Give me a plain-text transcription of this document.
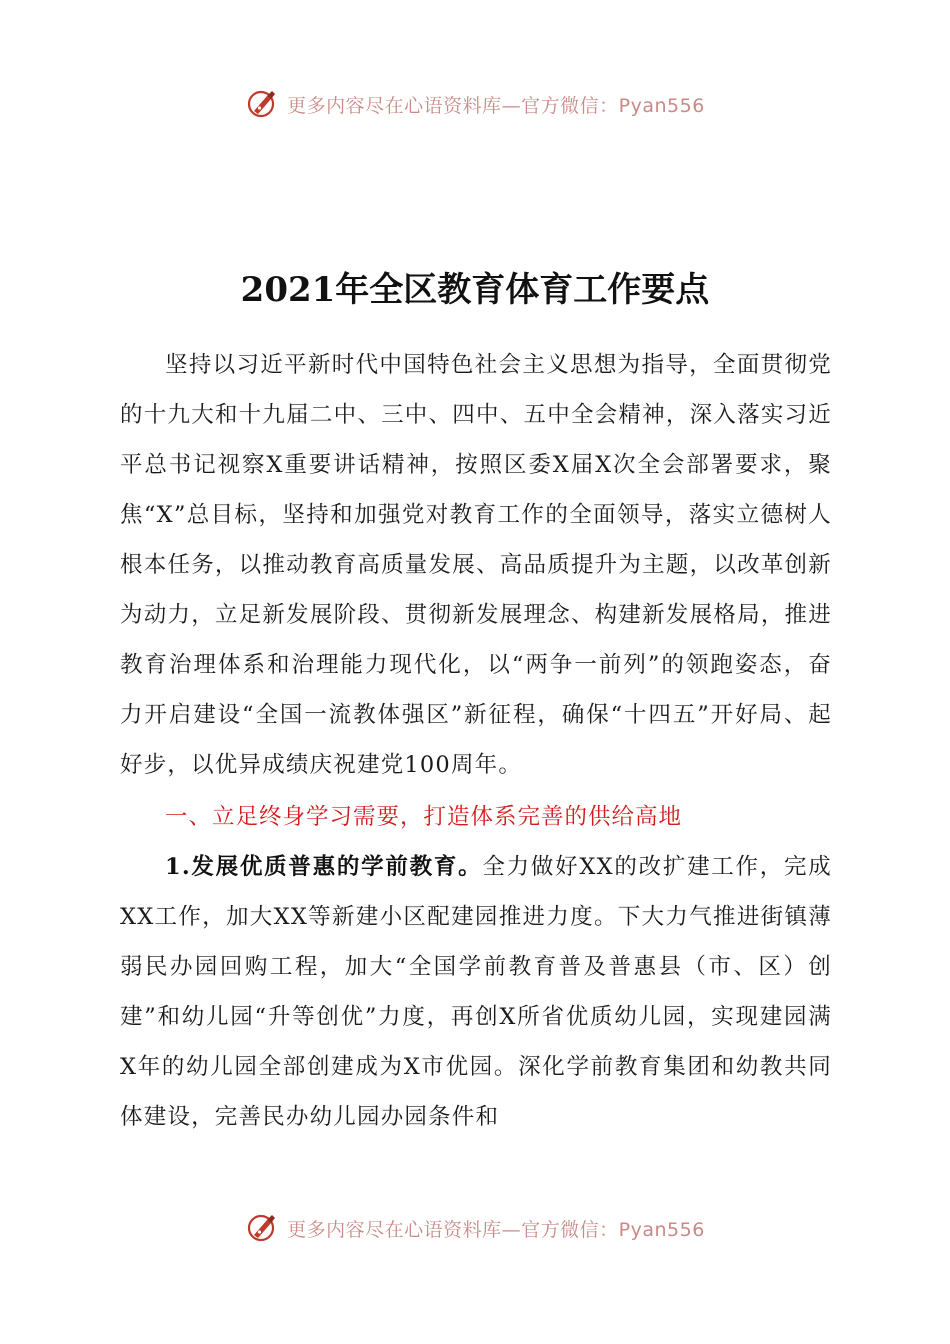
更多内容尽在心语资料库—官方微信：Pyan556
2021年全区教育体育工作要点

坚持以习近平新时代中国特色社会主义思想为指导，全面贯彻党的十九大和十九届二中、三中、四中、五中全会精神，深入落实习近平总书记视察X重要讲话精神，按照区委X届X次全会部署要求，聚焦“X”总目标，坚持和加强党对教育工作的全面领导，落实立德树人根本任务，以推动教育高质量发展、高品质提升为主题，以改革创新为动力，立足新发展阶段、贯彻新发展理念、构建新发展格局，推进教育治理体系和治理能力现代化，以“两争一前列”的领跑姿态，奋力开启建设“全国一流教体强区”新征程，确保“十四五”开好局、起好步，以优异成绩庆祝建党100周年。

一、立足终身学习需要，打造体系完善的供给高地

1.发展优质普惠的学前教育。全力做好XX的改扩建工作，完成XX工作，加大XX等新建小区配建园推进力度。下大力气推进街镇薄弱民办园回购工程，加大“全国学前教育普及普惠县（市、区）创建”和幼儿园“升等创优”力度，再创X所省优质幼儿园，实现建园满X年的幼儿园全部创建成为X市优园。深化学前教育集团和幼教共同体建设，完善民办幼儿园办园条件和

更多内容尽在心语资料库—官方微信：Pyan556
